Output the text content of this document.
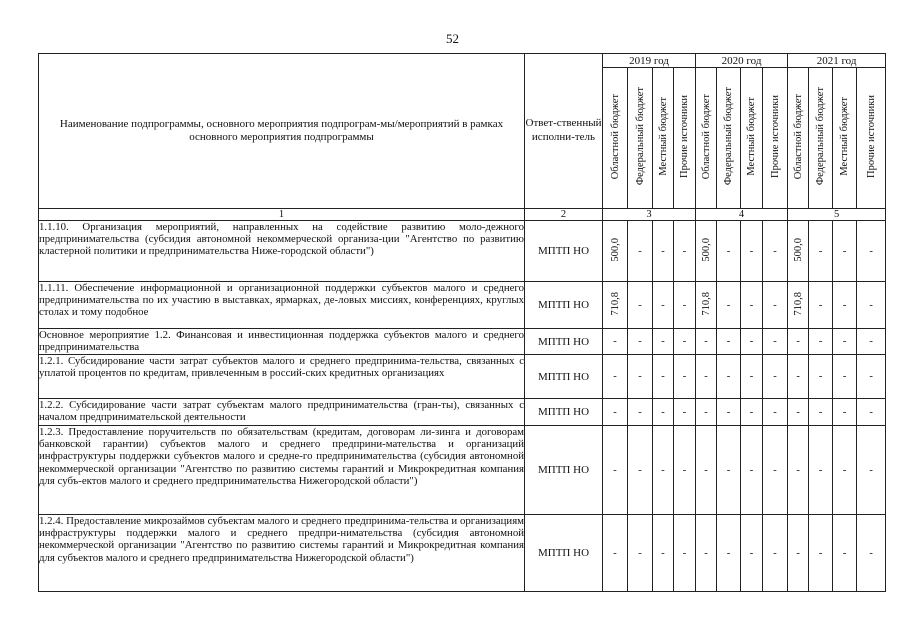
52
Наименование подпрограммы, основного мероприятия подпрограм-мы/мероприятий в рамках основного мероприятия подпрограммы	Ответ-ственный исполни-тель	2019 год				2020 год				2021 год			
		Областной бюджет	Федеральный бюджет	Местный бюджет	Прочие источники	Областной бюджет	Федеральный бюджет	Местный бюджет	Прочие источники	Областной бюджет	Федеральный бюджет	Местный бюджет	Прочие источники
1	2	3				4				5			
1.1.10. Организация мероприятий, направленных на содействие развитию моло-дежного предпринимательства (субсидия автономной некоммерческой организа-ции "Агентство по развитию кластерной политики и предпринимательства Ниже-городской области")	МПТП НО	500,0	-	-	-	500,0	-	-	-	500,0	-	-	-
1.1.11. Обеспечение информационной и организационной поддержки субъектов малого и среднего предпринимательства по их участию в выставках, ярмарках, де-ловых миссиях, конференциях, круглых столах и тому подобное	МПТП НО	710,8	-	-	-	710,8	-	-	-	710,8	-	-	-
Основное мероприятие 1.2. Финансовая и инвестиционная поддержка субъектов малого и среднего предпринимательства	МПТП НО	-	-	-	-	-	-	-	-	-	-	-	-
1.2.1. Субсидирование части затрат субъектов малого и среднего предпринима-тельства, связанных с уплатой процентов по кредитам, привлеченным в россий-ских кредитных организациях	МПТП НО	-	-	-	-	-	-	-	-	-	-	-	-
1.2.2. Субсидирование части затрат субъектам малого предпринимательства (гран-ты), связанных с началом предпринимательской деятельности	МПТП НО	-	-	-	-	-	-	-	-	-	-	-	-
1.2.3. Предоставление поручительств по обязательствам (кредитам, договорам ли-зинга и договорам банковской гарантии) субъектов малого и среднего предприни-мательства и организаций инфраструктуры поддержки субъектов малого и средне-го предпринимательства (субсидия автономной некоммерческой организации "Агентство по развитию системы гарантий и Микрокредитная компания для субъ-ектов малого и среднего предпринимательства Нижегородской области")	МПТП НО	-	-	-	-	-	-	-	-	-	-	-	-
1.2.4. Предоставление микрозаймов субъектам малого и среднего предпринима-тельства и организациям инфраструктуры поддержки малого и среднего предпри-нимательства (субсидия автономной некоммерческой организации "Агентство по развитию системы гарантий и Микрокредитная компания для субъектов малого и среднего предпринимательства Нижегородской области")	МПТП НО	-	-	-	-	-	-	-	-	-	-	-	-
